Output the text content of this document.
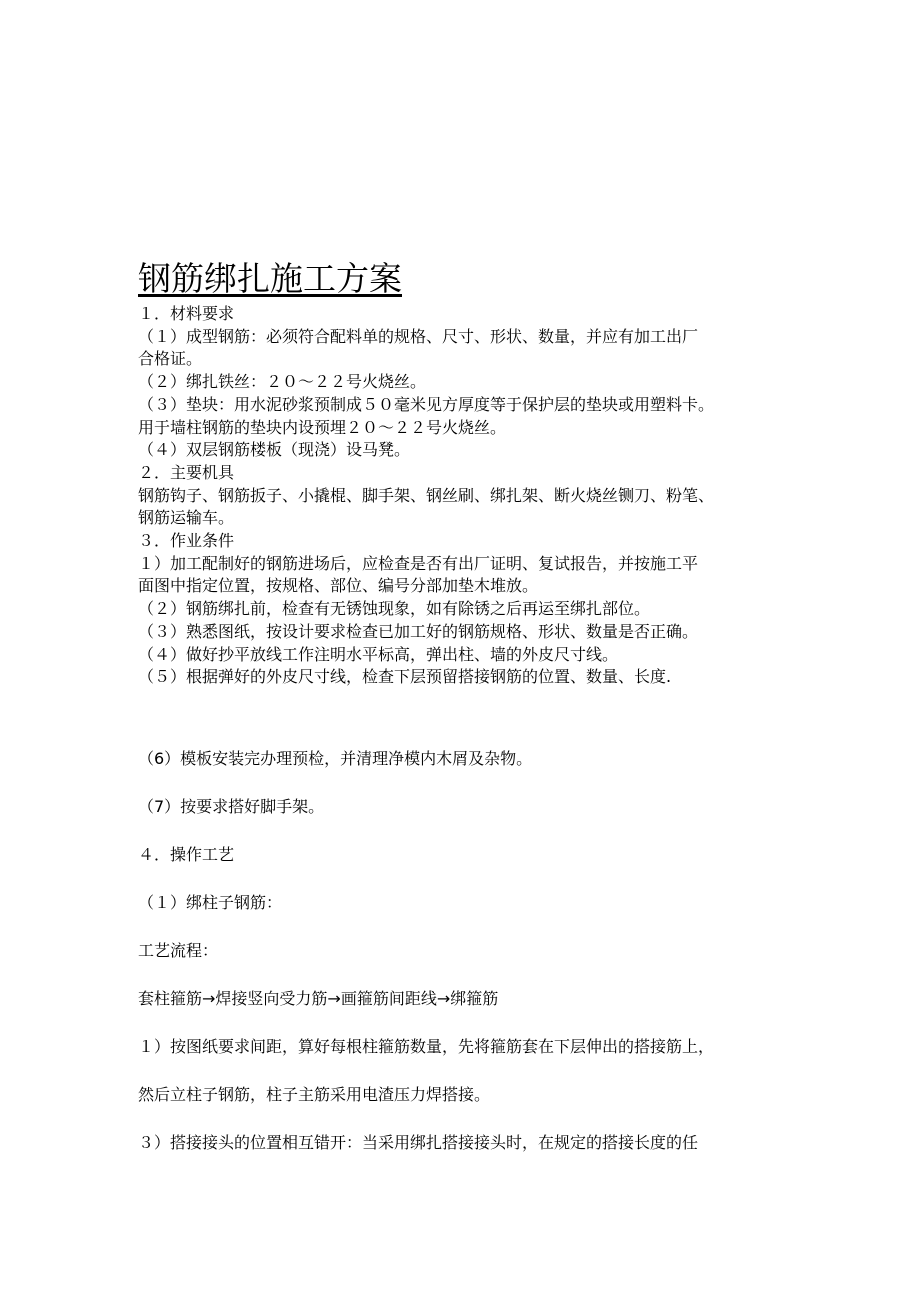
钢筋绑扎施工方案

１．材料要求

（１）成型钢筋：必须符合配料单的规格、尺寸、形状、数量，并应有加工出厂

合格证。

（２）绑扎铁丝：２０～２２号火烧丝。

（３）垫块：用水泥砂浆预制成５０毫米见方厚度等于保护层的垫块或用塑料卡。

用于墙柱钢筋的垫块内设预埋２０～２２号火烧丝。

（４）双层钢筋楼板（现浇）设马凳。

２．主要机具

钢筋钩子、钢筋扳子、小撬棍、脚手架、钢丝刷、绑扎架、断火烧丝铡刀、粉笔、

钢筋运输车。

３．作业条件

１）加工配制好的钢筋进场后，应检查是否有出厂证明、复试报告，并按施工平

面图中指定位置，按规格、部位、编号分部加垫木堆放。

（２）钢筋绑扎前，检查有无锈蚀现象，如有除锈之后再运至绑扎部位。

（３）熟悉图纸，按设计要求检查已加工好的钢筋规格、形状、数量是否正确。

（４）做好抄平放线工作注明水平标高，弹出柱、墙的外皮尺寸线。

（５）根据弹好的外皮尺寸线，检查下层预留搭接钢筋的位置、数量、长度.

（6）模板安装完办理预检，并清理净模内木屑及杂物。

（7）按要求搭好脚手架。

４．操作工艺

（１）绑柱子钢筋：

工艺流程：

套柱箍筋→焊接竖向受力筋→画箍筋间距线→绑箍筋

１）按图纸要求间距，算好每根柱箍筋数量，先将箍筋套在下层伸出的搭接筋上，

然后立柱子钢筋，柱子主筋采用电渣压力焊搭接。

３）搭接接头的位置相互错开：当采用绑扎搭接接头时，在规定的搭接长度的任
